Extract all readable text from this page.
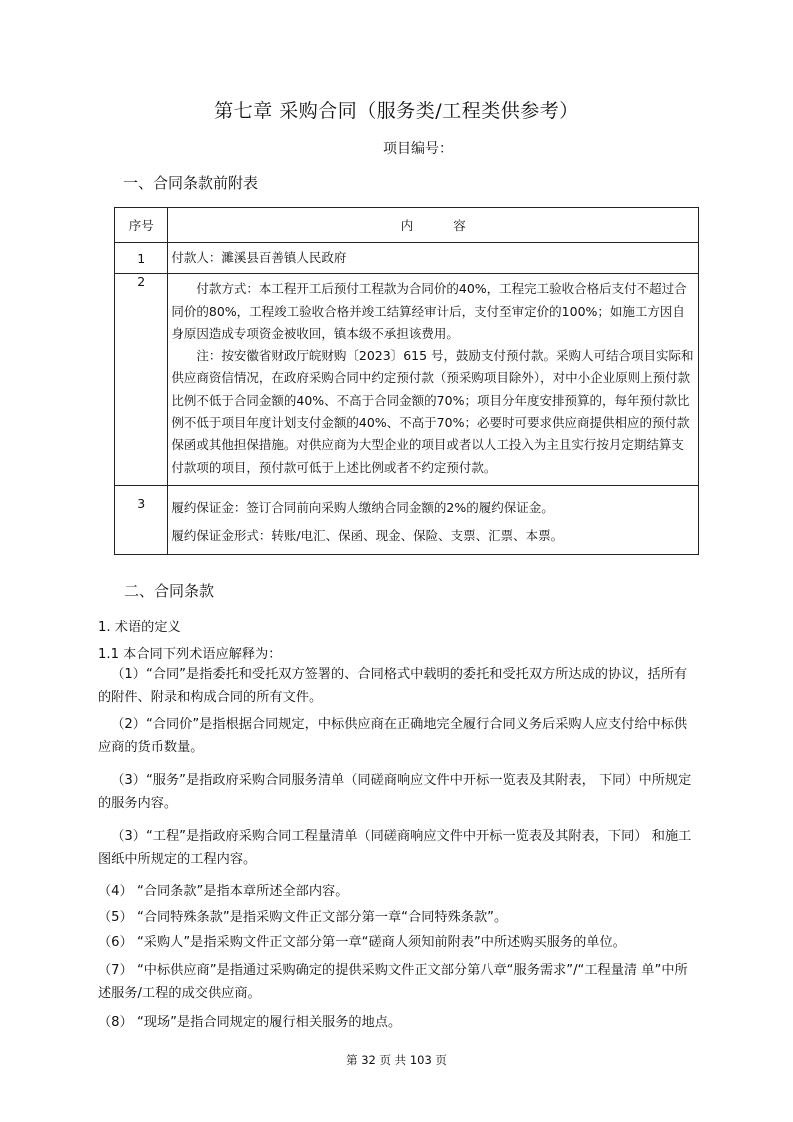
第七章 采购合同（服务类/工程类供参考）
项目编号：
一、合同条款前附表
序号	内容
1	付款人：濉溪县百善镇人民政府

2	付款方式：本工程开工后预付工程款为合同价的40%，工程完工验收合格后支付不超过合同价的80%，工程竣工验收合格并竣工结算经审计后，支付至审定价的100%；如施工方因自身原因造成专项资金被收回，镇本级不承担该费用。
注：按安徽省财政厅皖财购〔2023〕615 号，鼓励支付预付款。采购人可结合项目实际和供应商资信情况，在政府采购合同中约定预付款（预采购项目除外），对中小企业原则上预付款比例不低于合同金额的40%、不高于合同金额的70%；项目分年度安排预算的，每年预付款比例不低于项目年度计划支付金额的40%、不高于70%；必要时可要求供应商提供相应的预付款保函或其他担保措施。对供应商为大型企业的项目或者以人工投入为主且实行按月定期结算支付款项的项目，预付款可低于上述比例或者不约定预付款。

3	履约保证金：签订合同前向采购人缴纳合同金额的2%的履约保证金。
履约保证金形式：转账/电汇、保函、现金、保险、支票、汇票、本票。
二、合同条款
1. 术语的定义
1.1 本合同下列术语应解释为：
（1）“合同”是指委托和受托双方签署的、合同格式中载明的委托和受托双方所达成的协议，括所有的附件、附录和构成合同的所有文件。
（2）“合同价”是指根据合同规定，中标供应商在正确地完全履行合同义务后采购人应支付给中标供应商的货币数量。
（3）“服务”是指政府采购合同服务清单（同磋商响应文件中开标一览表及其附表， 下同）中所规定的服务内容。
（3）“工程”是指政府采购合同工程量清单（同磋商响应文件中开标一览表及其附表，下同） 和施工图纸中所规定的工程内容。
（4） “合同条款”是指本章所述全部内容。
（5） “合同特殊条款”是指采购文件正文部分第一章“合同特殊条款”。
（6） “采购人”是指采购文件正文部分第一章“磋商人须知前附表”中所述购买服务的单位。
（7） “中标供应商”是指通过采购确定的提供采购文件正文部分第八章“服务需求”/“工程量清 单”中所述服务/工程的成交供应商。
（8） “现场”是指合同规定的履行相关服务的地点。
第 32 页 共 103 页
